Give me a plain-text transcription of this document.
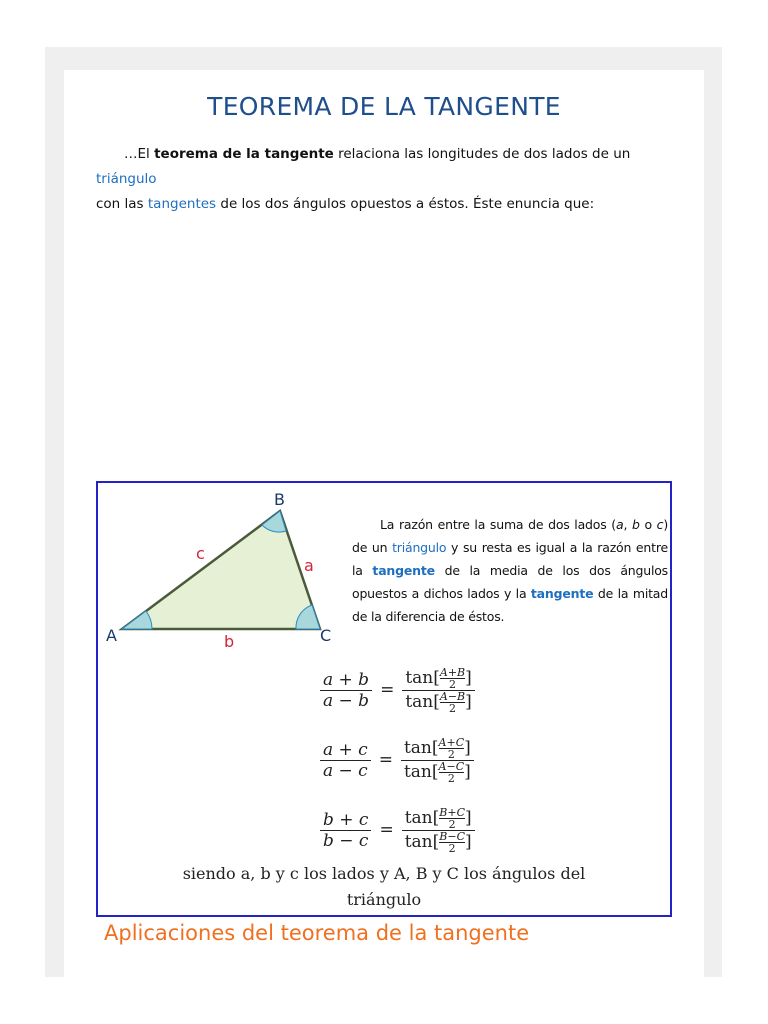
TEOREMA DE LA TANGENTE
…El teorema de la tangente relaciona las longitudes de dos lados de un triángulo
con las tangentes de los dos ángulos opuestos a éstos. Éste enuncia que:
A
B
C
a
b
c
La razón entre la suma de dos lados (a, b o c) de un triángulo y su resta es igual a la razón entre la tangente de la media de los dos ángulos opuestos a dichos lados y la tangente de la mitad de la diferencia de éstos.
$\frac{a + b}{a - b} = \frac{\tan[ \frac{A+B}{2} ]}{\tan[ \frac{A-B}{2} ]}$
$\frac{a + c}{a - c} = \frac{\tan[ \frac{A+C}{2} ]}{\tan[ \frac{A-C}{2} ]}$
$\frac{b + c}{b - c} = \frac{\tan[ \frac{B+C}{2} ]}{\tan[ \frac{B-C}{2} ]}$
siendo a, b y c los lados y A, B y C los ángulos del
triángulo
Aplicaciones del teorema de la tangente
